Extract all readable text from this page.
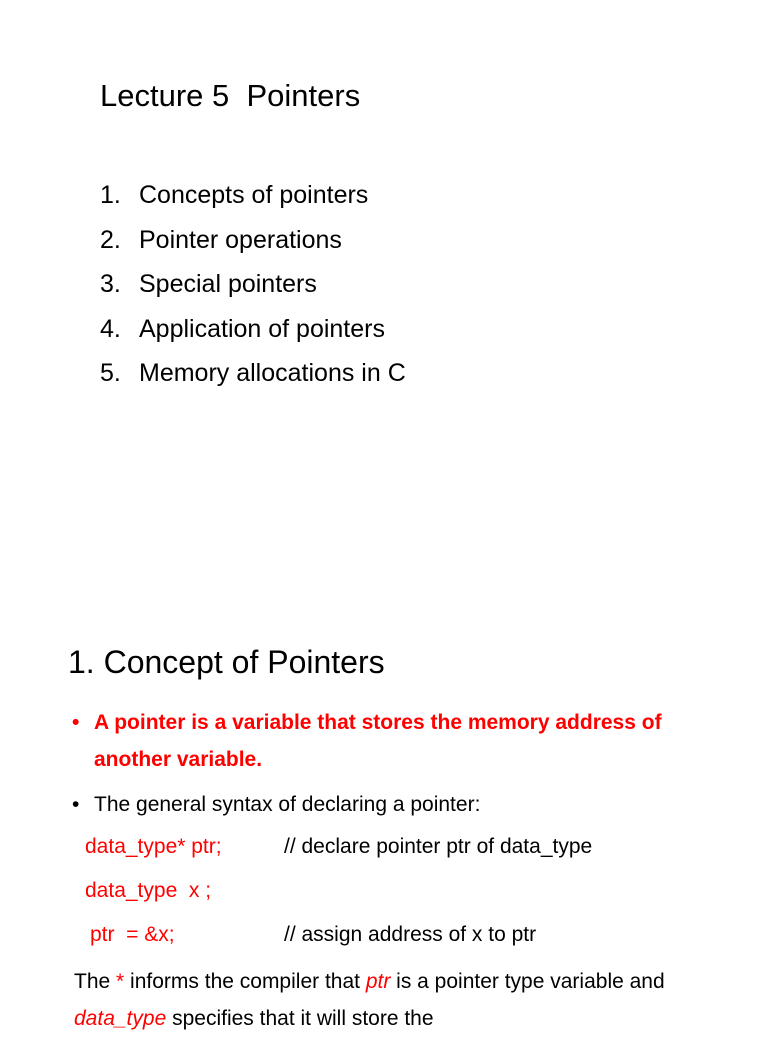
Lecture 5  Pointers
1. Concepts of pointers
2. Pointer operations
3. Special pointers
4. Application of pointers
5. Memory allocations in C
1. Concept of Pointers
• A pointer is a variable that stores the memory address of another variable.
• The general syntax of declaring a pointer:
data_type* ptr;	// declare pointer ptr of data_type
data_type  x ;
ptr  = &x;	// assign address of x to ptr
The * informs the compiler that ptr is a pointer type variable and data_type specifies that it will store the
